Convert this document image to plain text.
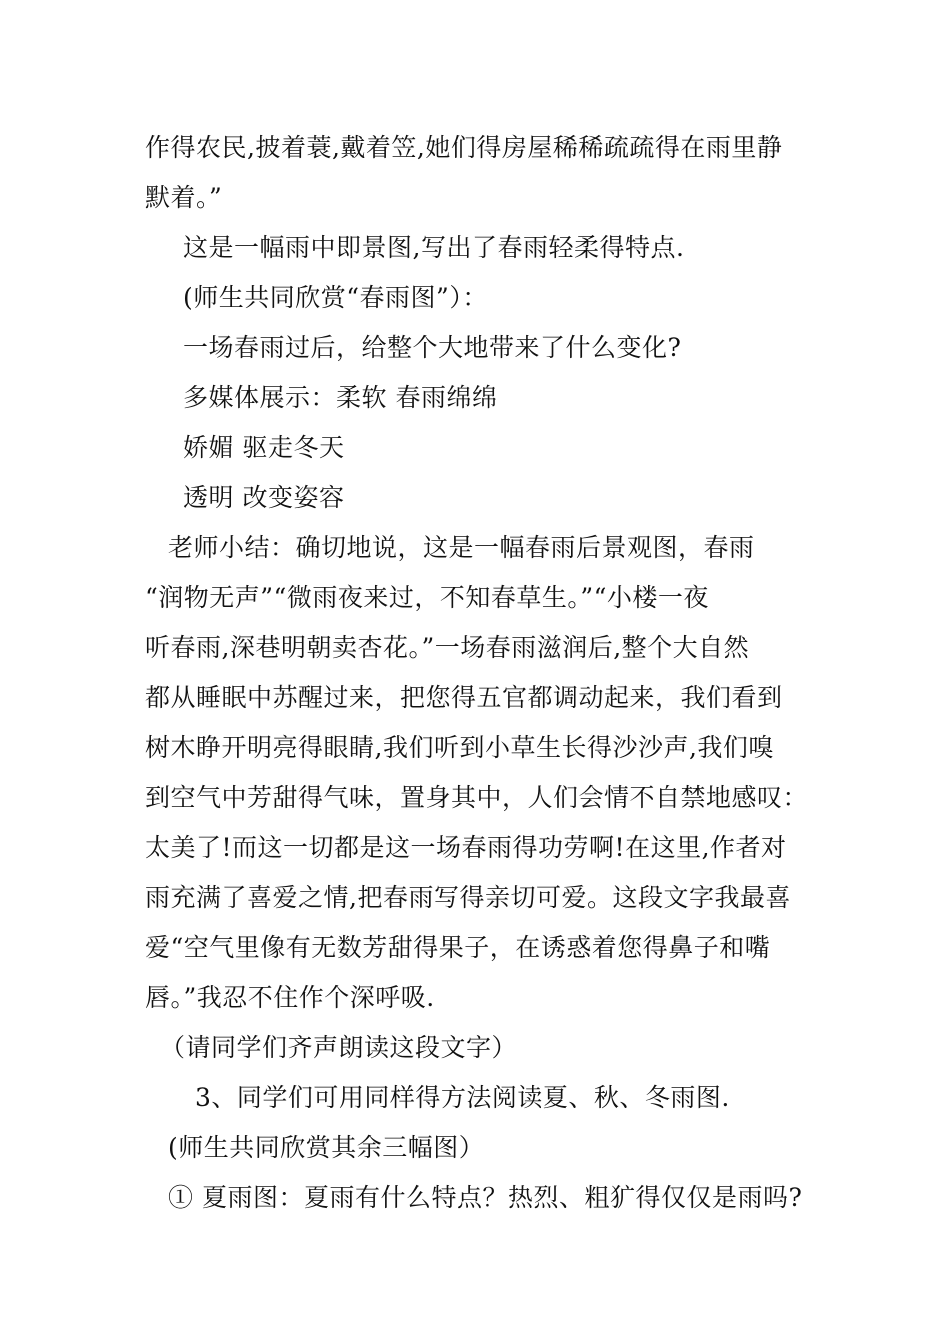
作得农民,披着蓑,戴着笠,她们得房屋稀稀疏疏得在雨里静
默着。”
这是一幅雨中即景图,写出了春雨轻柔得特点.
(师生共同欣赏“春雨图”）：
一场春雨过后，给整个大地带来了什么变化?
多媒体展示：柔软 春雨绵绵
娇媚 驱走冬天
透明 改变姿容
老师小结：确切地说，这是一幅春雨后景观图，春雨
“润物无声”“微雨夜来过，不知春草生。”“小楼一夜
听春雨,深巷明朝卖杏花。”一场春雨滋润后,整个大自然
都从睡眠中苏醒过来，把您得五官都调动起来，我们看到
树木睁开明亮得眼睛,我们听到小草生长得沙沙声,我们嗅
到空气中芳甜得气味，置身其中，人们会情不自禁地感叹：
太美了!而这一切都是这一场春雨得功劳啊!在这里,作者对
雨充满了喜爱之情,把春雨写得亲切可爱。这段文字我最喜
爱“空气里像有无数芳甜得果子，在诱惑着您得鼻子和嘴
唇。”我忍不住作个深呼吸.
（请同学们齐声朗读这段文字）
3、同学们可用同样得方法阅读夏、秋、冬雨图.
(师生共同欣赏其余三幅图）
① 夏雨图：夏雨有什么特点？热烈、粗犷得仅仅是雨吗?
